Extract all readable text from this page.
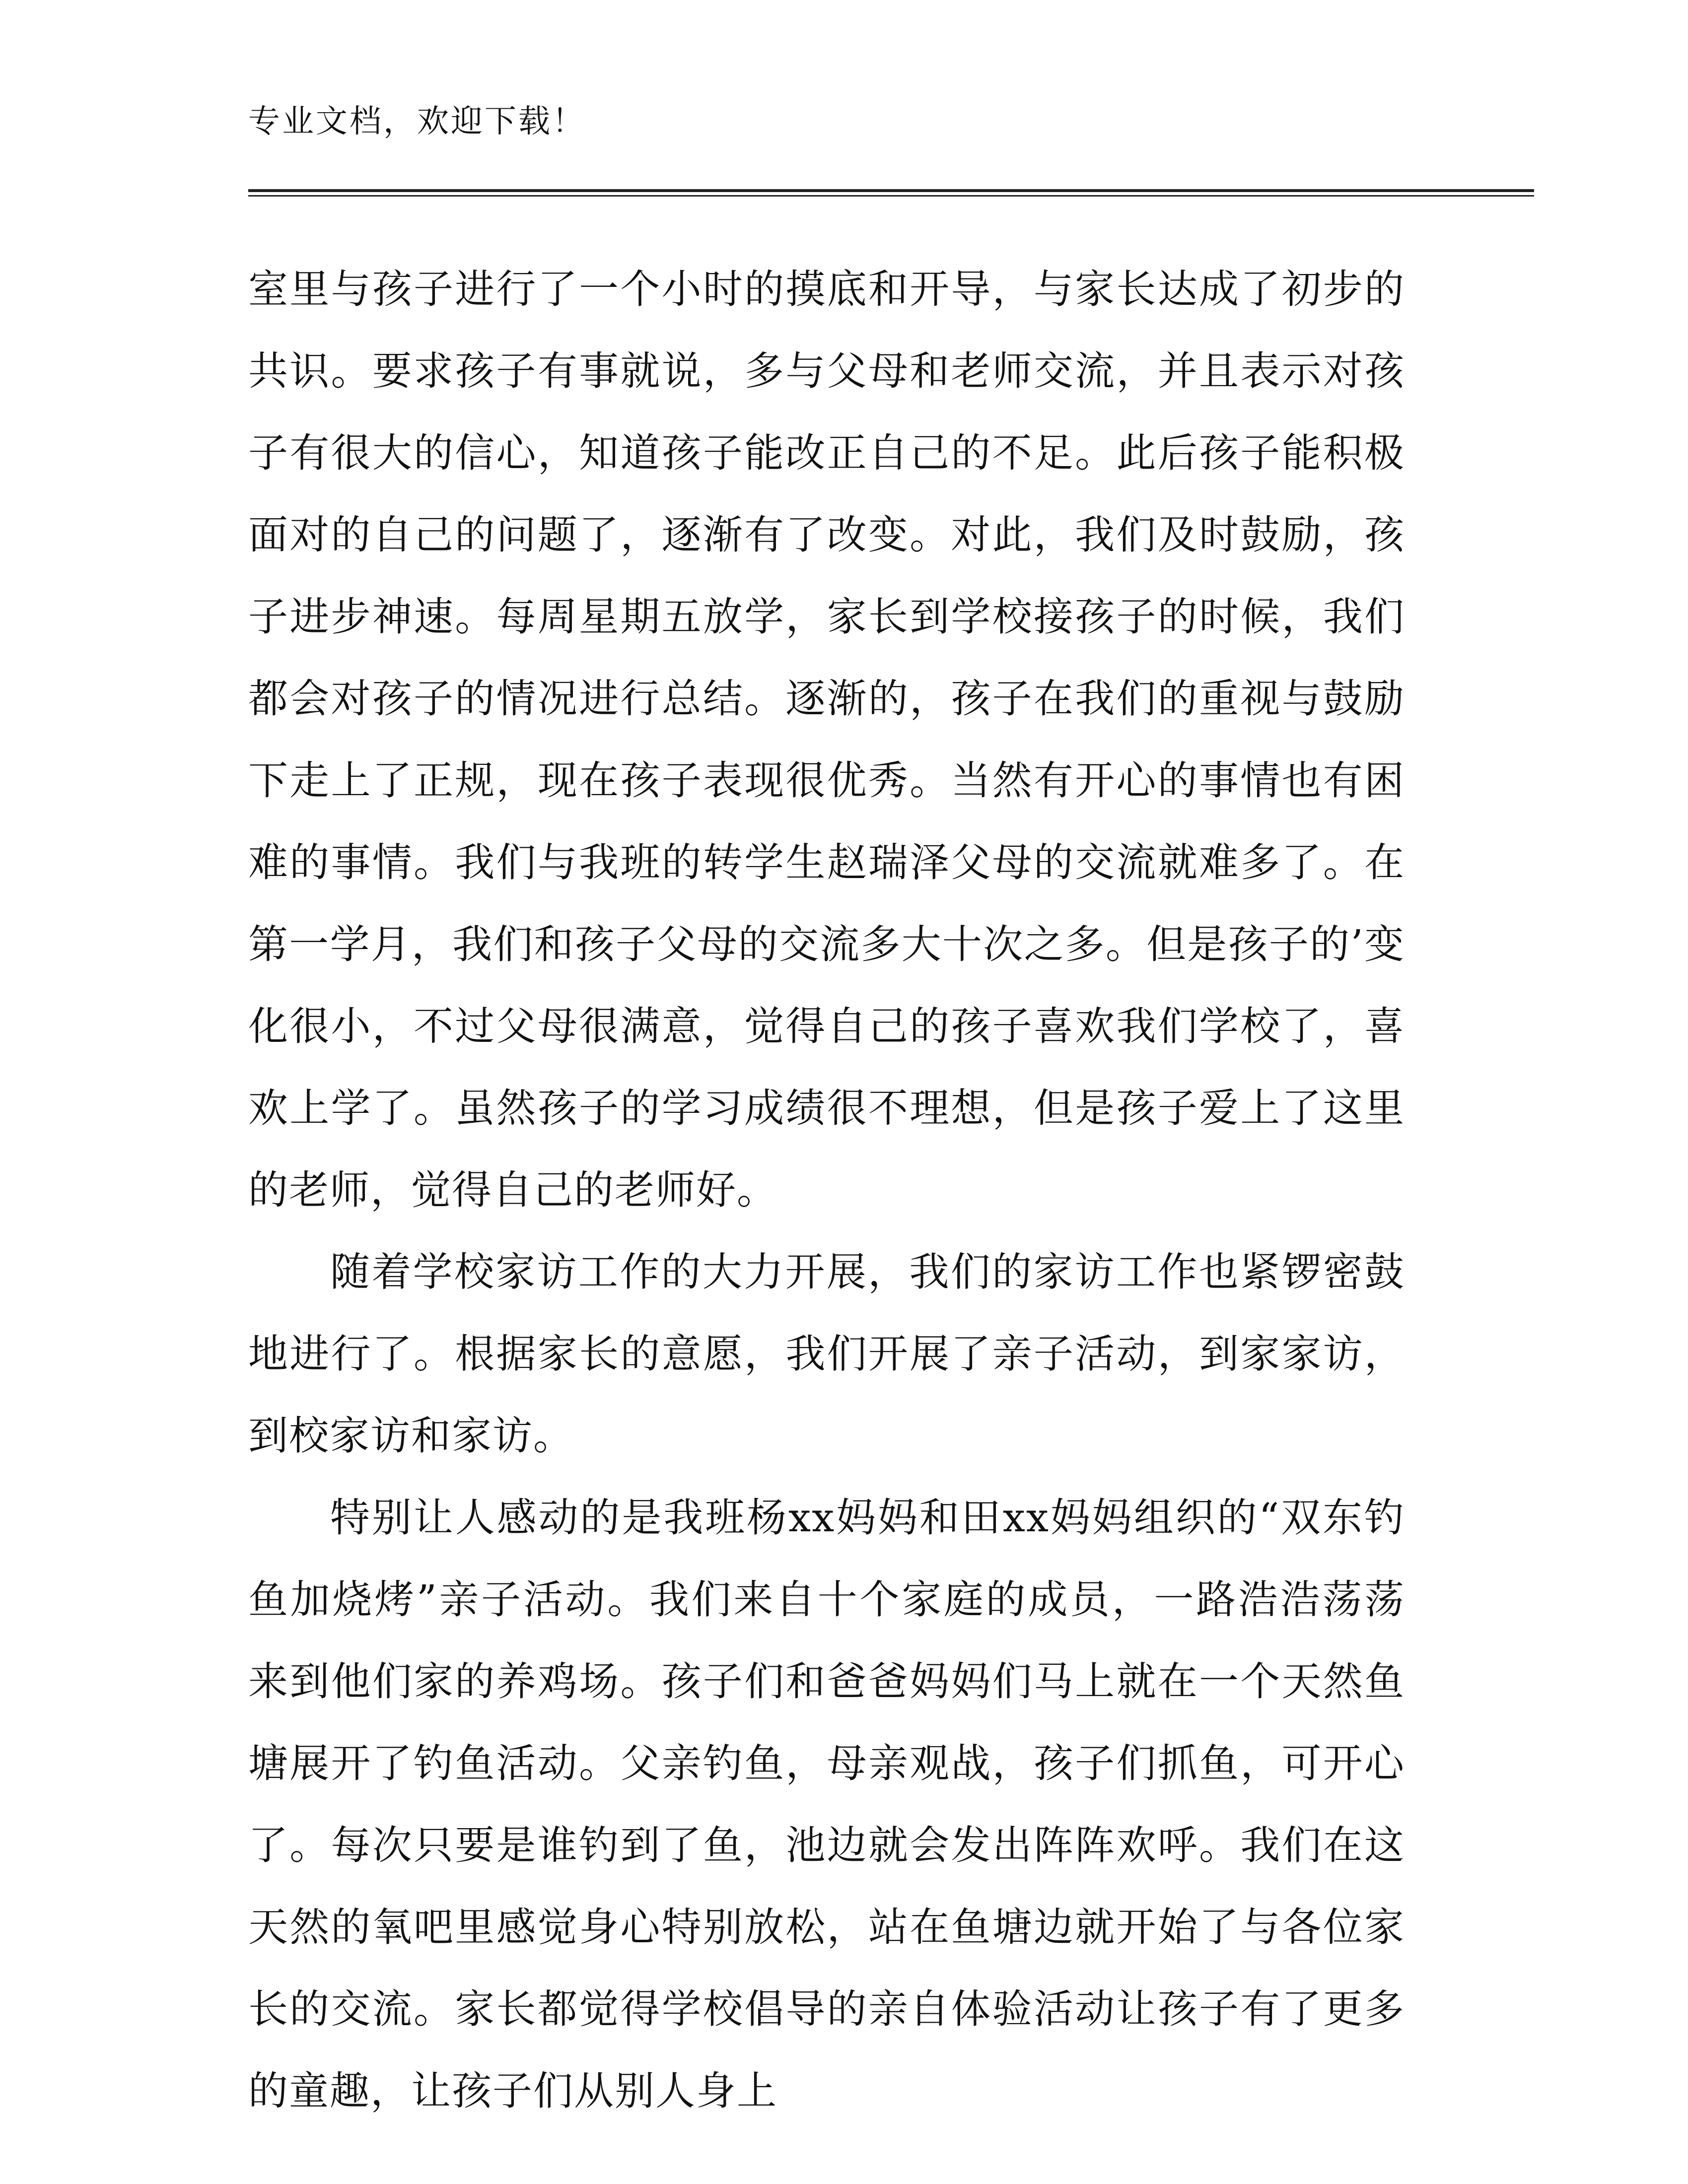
专业文档，欢迎下载！

室里与孩子进行了一个小时的摸底和开导，与家长达成了初步的共识。要求孩子有事就说，多与父母和老师交流，并且表示对孩子有很大的信心，知道孩子能改正自己的不足。此后孩子能积极面对的自己的问题了，逐渐有了改变。对此，我们及时鼓励，孩子进步神速。每周星期五放学，家长到学校接孩子的时候，我们都会对孩子的情况进行总结。逐渐的，孩子在我们的重视与鼓励下走上了正规，现在孩子表现很优秀。当然有开心的事情也有困难的事情。我们与我班的转学生赵瑞泽父母的交流就难多了。在第一学月，我们和孩子父母的交流多大十次之多。但是孩子的’变化很小，不过父母很满意，觉得自己的孩子喜欢我们学校了，喜欢上学了。虽然孩子的学习成绩很不理想，但是孩子爱上了这里的老师，觉得自己的老师好。

随着学校家访工作的大力开展，我们的家访工作也紧锣密鼓地进行了。根据家长的意愿，我们开展了亲子活动，到家家访，到校家访和家访。

特别让人感动的是我班杨xx妈妈和田xx妈妈组织的“双东钓鱼加烧烤”亲子活动。我们来自十个家庭的成员，一路浩浩荡荡来到他们家的养鸡场。孩子们和爸爸妈妈们马上就在一个天然鱼塘展开了钓鱼活动。父亲钓鱼，母亲观战，孩子们抓鱼，可开心了。每次只要是谁钓到了鱼，池边就会发出阵阵欢呼。我们在这天然的氧吧里感觉身心特别放松，站在鱼塘边就开始了与各位家长的交流。家长都觉得学校倡导的亲自体验活动让孩子有了更多的童趣，让孩子们从别人身上
